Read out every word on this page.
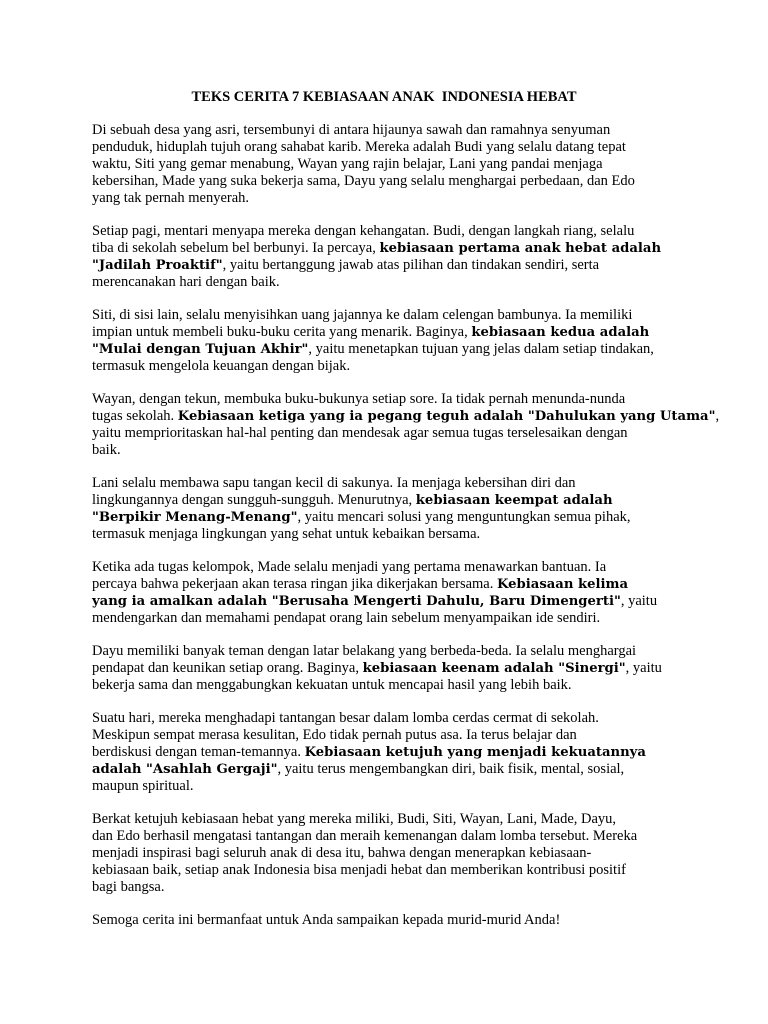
TEKS CERITA 7 KEBIASAAN ANAK  INDONESIA HEBAT

Di sebuah desa yang asri, tersembunyi di antara hijaunya sawah dan ramahnya senyuman
penduduk, hiduplah tujuh orang sahabat karib. Mereka adalah Budi yang selalu datang tepat
waktu, Siti yang gemar menabung, Wayan yang rajin belajar, Lani yang pandai menjaga
kebersihan, Made yang suka bekerja sama, Dayu yang selalu menghargai perbedaan, dan Edo
yang tak pernah menyerah.

Setiap pagi, mentari menyapa mereka dengan kehangatan. Budi, dengan langkah riang, selalu
tiba di sekolah sebelum bel berbunyi. Ia percaya, kebiasaan pertama anak hebat adalah
"Jadilah Proaktif", yaitu bertanggung jawab atas pilihan dan tindakan sendiri, serta
merencanakan hari dengan baik.

Siti, di sisi lain, selalu menyisihkan uang jajannya ke dalam celengan bambunya. Ia memiliki
impian untuk membeli buku-buku cerita yang menarik. Baginya, kebiasaan kedua adalah
"Mulai dengan Tujuan Akhir", yaitu menetapkan tujuan yang jelas dalam setiap tindakan,
termasuk mengelola keuangan dengan bijak.

Wayan, dengan tekun, membuka buku-bukunya setiap sore. Ia tidak pernah menunda-nunda
tugas sekolah. Kebiasaan ketiga yang ia pegang teguh adalah "Dahulukan yang Utama",
yaitu memprioritaskan hal-hal penting dan mendesak agar semua tugas terselesaikan dengan
baik.

Lani selalu membawa sapu tangan kecil di sakunya. Ia menjaga kebersihan diri dan
lingkungannya dengan sungguh-sungguh. Menurutnya, kebiasaan keempat adalah
"Berpikir Menang-Menang", yaitu mencari solusi yang menguntungkan semua pihak,
termasuk menjaga lingkungan yang sehat untuk kebaikan bersama.

Ketika ada tugas kelompok, Made selalu menjadi yang pertama menawarkan bantuan. Ia
percaya bahwa pekerjaan akan terasa ringan jika dikerjakan bersama. Kebiasaan kelima
yang ia amalkan adalah "Berusaha Mengerti Dahulu, Baru Dimengerti", yaitu
mendengarkan dan memahami pendapat orang lain sebelum menyampaikan ide sendiri.

Dayu memiliki banyak teman dengan latar belakang yang berbeda-beda. Ia selalu menghargai
pendapat dan keunikan setiap orang. Baginya, kebiasaan keenam adalah "Sinergi", yaitu
bekerja sama dan menggabungkan kekuatan untuk mencapai hasil yang lebih baik.

Suatu hari, mereka menghadapi tantangan besar dalam lomba cerdas cermat di sekolah.
Meskipun sempat merasa kesulitan, Edo tidak pernah putus asa. Ia terus belajar dan
berdiskusi dengan teman-temannya. Kebiasaan ketujuh yang menjadi kekuatannya
adalah "Asahlah Gergaji", yaitu terus mengembangkan diri, baik fisik, mental, sosial,
maupun spiritual.

Berkat ketujuh kebiasaan hebat yang mereka miliki, Budi, Siti, Wayan, Lani, Made, Dayu,
dan Edo berhasil mengatasi tantangan dan meraih kemenangan dalam lomba tersebut. Mereka
menjadi inspirasi bagi seluruh anak di desa itu, bahwa dengan menerapkan kebiasaan-
kebiasaan baik, setiap anak Indonesia bisa menjadi hebat dan memberikan kontribusi positif
bagi bangsa.

Semoga cerita ini bermanfaat untuk Anda sampaikan kepada murid-murid Anda!
